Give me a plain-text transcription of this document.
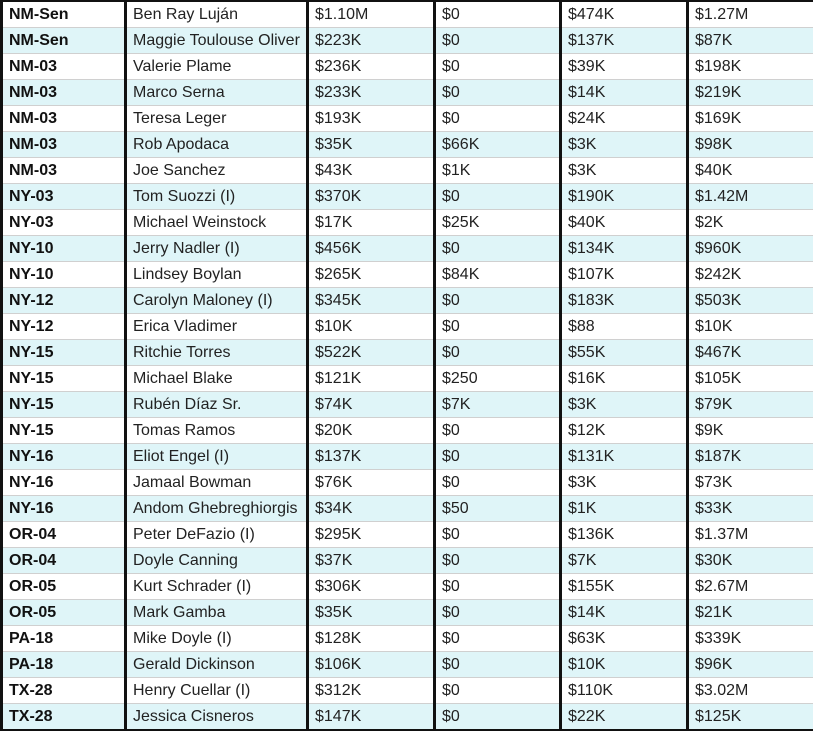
NM-Sen	Ben Ray Luján	$1.10M	$0	$474K	$1.27M
NM-Sen	Maggie Toulouse Oliver	$223K	$0	$137K	$87K
NM-03	Valerie Plame	$236K	$0	$39K	$198K
NM-03	Marco Serna	$233K	$0	$14K	$219K
NM-03	Teresa Leger	$193K	$0	$24K	$169K
NM-03	Rob Apodaca	$35K	$66K	$3K	$98K
NM-03	Joe Sanchez	$43K	$1K	$3K	$40K
NY-03	Tom Suozzi (I)	$370K	$0	$190K	$1.42M
NY-03	Michael Weinstock	$17K	$25K	$40K	$2K
NY-10	Jerry Nadler (I)	$456K	$0	$134K	$960K
NY-10	Lindsey Boylan	$265K	$84K	$107K	$242K
NY-12	Carolyn Maloney (I)	$345K	$0	$183K	$503K
NY-12	Erica Vladimer	$10K	$0	$88	$10K
NY-15	Ritchie Torres	$522K	$0	$55K	$467K
NY-15	Michael Blake	$121K	$250	$16K	$105K
NY-15	Rubén Díaz Sr.	$74K	$7K	$3K	$79K
NY-15	Tomas Ramos	$20K	$0	$12K	$9K
NY-16	Eliot Engel (I)	$137K	$0	$131K	$187K
NY-16	Jamaal Bowman	$76K	$0	$3K	$73K
NY-16	Andom Ghebreghiorgis	$34K	$50	$1K	$33K
OR-04	Peter DeFazio (I)	$295K	$0	$136K	$1.37M
OR-04	Doyle Canning	$37K	$0	$7K	$30K
OR-05	Kurt Schrader (I)	$306K	$0	$155K	$2.67M
OR-05	Mark Gamba	$35K	$0	$14K	$21K
PA-18	Mike Doyle (I)	$128K	$0	$63K	$339K
PA-18	Gerald Dickinson	$106K	$0	$10K	$96K
TX-28	Henry Cuellar (I)	$312K	$0	$110K	$3.02M
TX-28	Jessica Cisneros	$147K	$0	$22K	$125K
